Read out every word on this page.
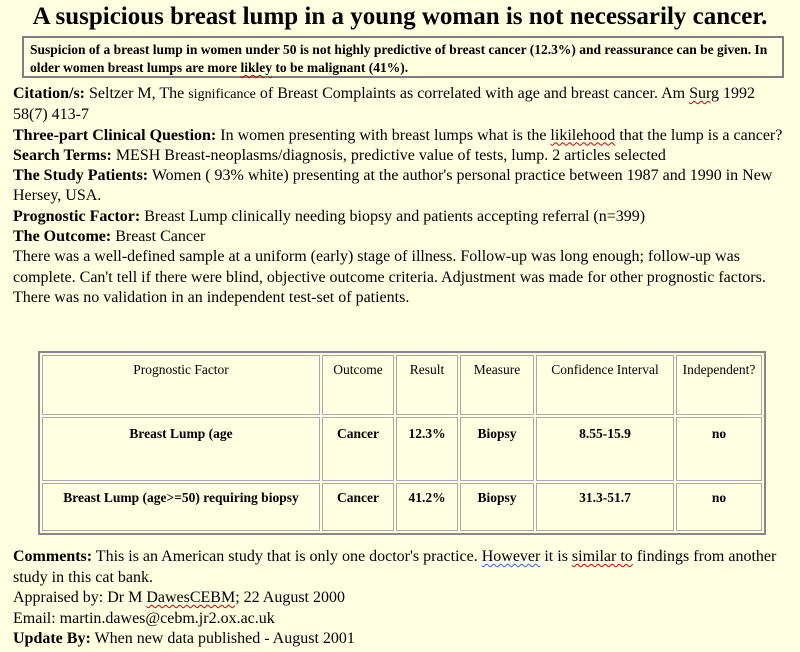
A suspicious breast lump in a young woman is not necessarily cancer.
Suspicion of a breast lump in women under 50 is not highly predictive of breast cancer (12.3%) and reassurance can be given. In older women breast lumps are more likley to be malignant (41%).

Citation/s: Seltzer M, The significance of Breast Complaints as correlated with age and breast cancer. Am Surg 1992 58(7) 413-7

Three-part Clinical Question: In women presenting with breast lumps what is the likilehood that the lump is a cancer?

Search Terms: MESH Breast-neoplasms/diagnosis, predictive value of tests, lump. 2 articles selected

The Study Patients: Women ( 93% white) presenting at the author's personal practice between 1987 and 1990 in New Hersey, USA.

Prognostic Factor: Breast Lump clinically needing biopsy and patients accepting referral (n=399)

The Outcome: Breast Cancer

There was a well-defined sample at a uniform (early) stage of illness. Follow-up was long enough; follow-up was complete. Can't tell if there were blind, objective outcome criteria. Adjustment was made for other prognostic factors. There was no validation in an independent test-set of patients.

Prognostic Factor	Outcome	Result	Measure	Confidence Interval	Independent?
Breast Lump (age	Cancer	12.3%	Biopsy	8.55-15.9	no
Breast Lump (age>=50) requiring biopsy	Cancer	41.2%	Biopsy	31.3-51.7	no

Comments: This is an American study that is only one doctor's practice. However it is similar to findings from another study in this cat bank.

Appraised by: Dr M DawesCEBM; 22 August 2000

Email: martin.dawes@cebm.jr2.ox.ac.uk

Update By: When new data published - August 2001
